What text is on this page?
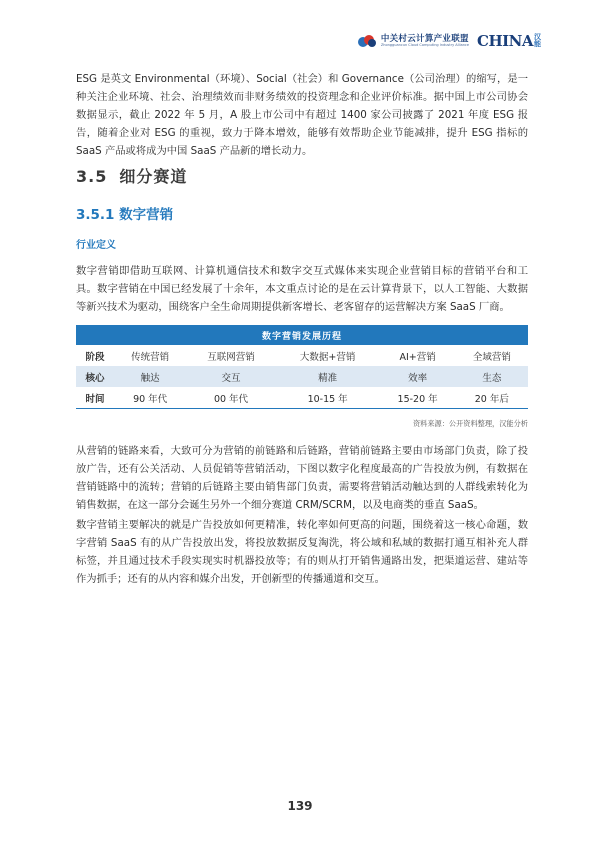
中关村云计算产业联盟
Zhongguancun Cloud Computing Industry Alliance CHINA 汉能

ESG 是英文 Environmental（环境）、Social（社会）和 Governance（公司治理）的缩写，是一种关注企业环境、社会、治理绩效而非财务绩效的投资理念和企业评价标准。据中国上市公司协会数据显示，截止 2022 年 5 月，A 股上市公司中有超过 1400 家公司披露了 2021 年度 ESG 报告，随着企业对 ESG 的重视，致力于降本增效，能够有效帮助企业节能减排，提升 ESG 指标的 SaaS 产品或将成为中国 SaaS 产品新的增长动力。

3.5 细分赛道
3.5.1 数字营销
行业定义

数字营销即借助互联网、计算机通信技术和数字交互式媒体来实现企业营销目标的营销平台和工具。数字营销在中国已经发展了十余年，本文重点讨论的是在云计算背景下，以人工智能、大数据等新兴技术为驱动，围绕客户全生命周期提供新客增长、老客留存的运营解决方案 SaaS 厂商。

数字营销发展历程					
阶段	传统营销	互联网营销	大数据+营销	AI+营销	全域营销
核心	触达	交互	精准	效率	生态
时间	90 年代	00 年代	10-15 年	15-20 年	20 年后

资料来源：公开资料整理，汉能分析

从营销的链路来看，大致可分为营销的前链路和后链路，营销前链路主要由市场部门负责，除了投放广告，还有公关活动、人员促销等营销活动，下图以数字化程度最高的广告投放为例，有数据在营销链路中的流转；营销的后链路主要由销售部门负责，需要将营销活动触达到的人群线索转化为销售数据，在这一部分会诞生另外一个细分赛道 CRM/SCRM，以及电商类的垂直 SaaS。

数字营销主要解决的就是广告投放如何更精准，转化率如何更高的问题，围绕着这一核心命题，数字营销 SaaS 有的从广告投放出发，将投放数据反复淘洗，将公域和私域的数据打通互相补充人群标签，并且通过技术手段实现实时机器投放等；有的则从打开销售通路出发，把渠道运营、建站等作为抓手；还有的从内容和媒介出发，开创新型的传播通道和交互。

139
